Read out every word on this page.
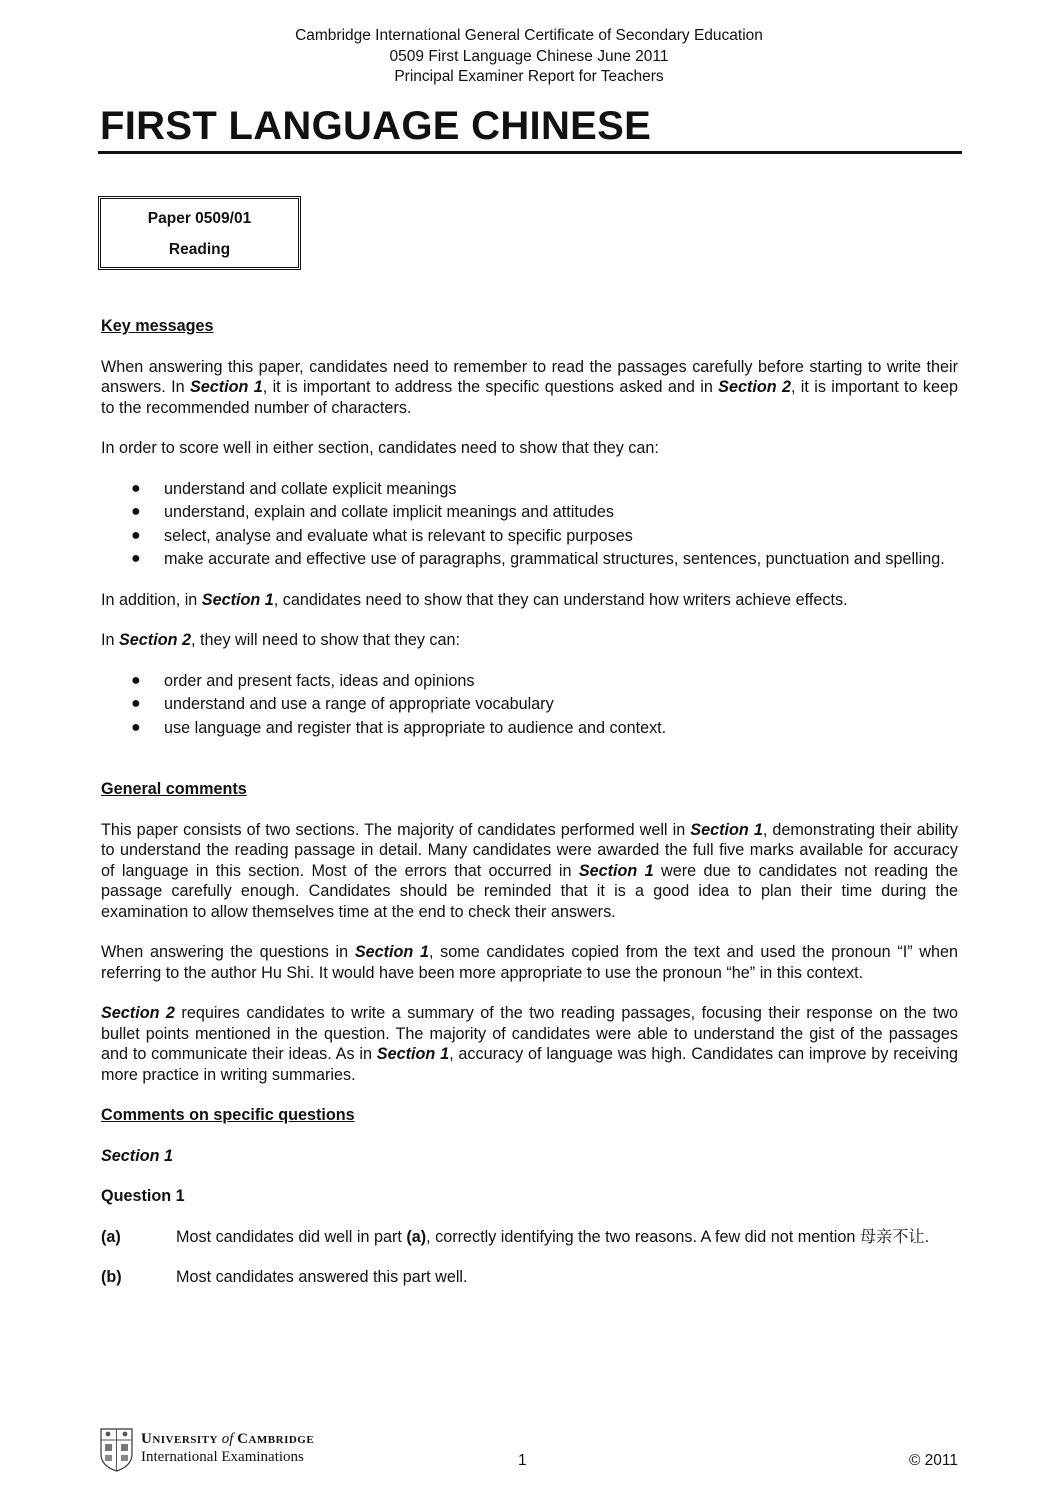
Cambridge International General Certificate of Secondary Education
0509 First Language Chinese June 2011
Principal Examiner Report for Teachers
FIRST LANGUAGE CHINESE
Paper 0509/01
Reading
Key messages

When answering this paper, candidates need to remember to read the passages carefully before starting to write their answers. In Section 1, it is important to address the specific questions asked and in Section 2, it is important to keep to the recommended number of characters.

In order to score well in either section, candidates need to show that they can:

● understand and collate explicit meanings
● understand, explain and collate implicit meanings and attitudes
● select, analyse and evaluate what is relevant to specific purposes
● make accurate and effective use of paragraphs, grammatical structures, sentences, punctuation and spelling.

In addition, in Section 1, candidates need to show that they can understand how writers achieve effects.

In Section 2, they will need to show that they can:

● order and present facts, ideas and opinions
● understand and use a range of appropriate vocabulary
● use language and register that is appropriate to audience and context.
General comments

This paper consists of two sections. The majority of candidates performed well in Section 1, demonstrating their ability to understand the reading passage in detail. Many candidates were awarded the full five marks available for accuracy of language in this section. Most of the errors that occurred in Section 1 were due to candidates not reading the passage carefully enough. Candidates should be reminded that it is a good idea to plan their time during the examination to allow themselves time at the end to check their answers.

When answering the questions in Section 1, some candidates copied from the text and used the pronoun “I” when referring to the author Hu Shi. It would have been more appropriate to use the pronoun “he” in this context.

Section 2 requires candidates to write a summary of the two reading passages, focusing their response on the two bullet points mentioned in the question. The majority of candidates were able to understand the gist of the passages and to communicate their ideas. As in Section 1, accuracy of language was high. Candidates can improve by receiving more practice in writing summaries.

Comments on specific questions
Section 1
Question 1
(a)	Most candidates did well in part (a), correctly identifying the two reasons. A few did not mention 母亲不让.
(b)	Most candidates answered this part well.
University of Cambridge
International Examinations	1	© 2011
